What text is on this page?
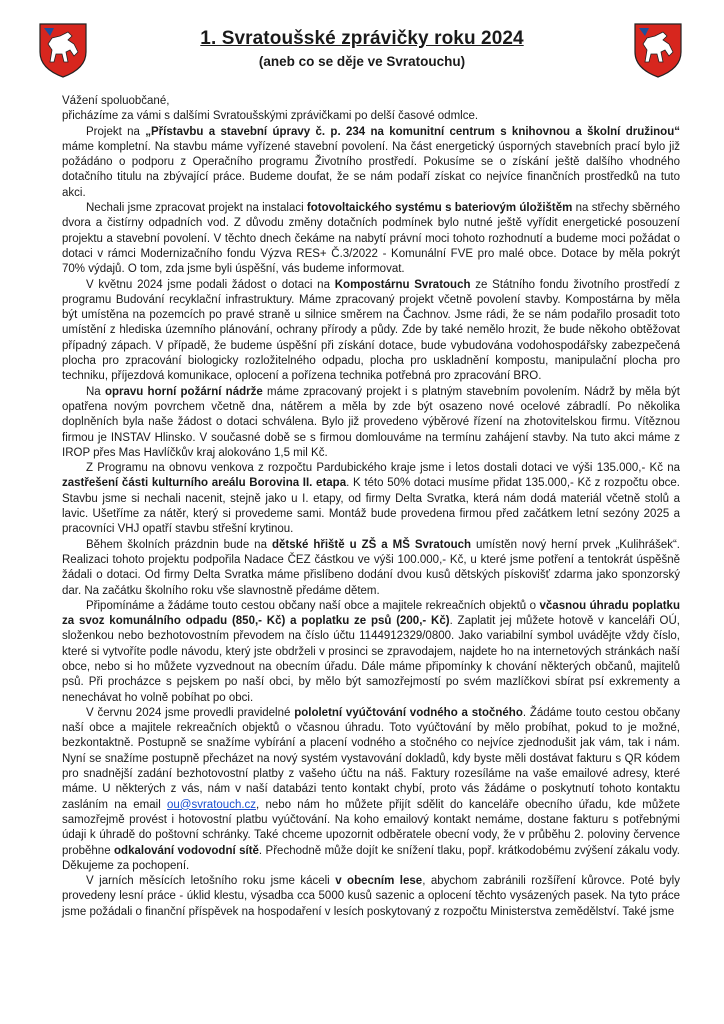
1. Svratoušské zprávičky roku 2024
(aneb co se děje ve Svratouchu)

Vážení spoluobčané,

přicházíme za vámi s dalšími Svratoušskými zprávičkami po delší časové odmlce.

Projekt na „Přístavbu a stavební úpravy č. p. 234 na komunitní centrum s knihovnou a školní družinou“ máme kompletní. Na stavbu máme vyřízené stavební povolení. Na část energetický úsporných stavebních prací bylo již požádáno o podporu z Operačního programu Životního prostředí. Pokusíme se o získání ještě dalšího vhodného dotačního titulu na zbývající práce. Budeme doufat, že se nám podaří získat co nejvíce finančních prostředků na tuto akci.

Nechali jsme zpracovat projekt na instalaci fotovoltaického systému s bateriovým úložištěm na střechy sběrného dvora a čistírny odpadních vod. Z důvodu změny dotačních podmínek bylo nutné ještě vyřídit energetické posouzení projektu a stavební povolení. V těchto dnech čekáme na nabytí právní moci tohoto rozhodnutí a budeme moci požádat o dotaci v rámci Modernizačního fondu Výzva RES+ Č.3/2022 - Komunální FVE pro malé obce. Dotace by měla pokrýt 70% výdajů. O tom, zda jsme byli úspěšní, vás budeme informovat.

V květnu 2024 jsme podali žádost o dotaci na Kompostárnu Svratouch ze Státního fondu životního prostředí z programu Budování recyklační infrastruktury. Máme zpracovaný projekt včetně povolení stavby. Kompostárna by měla být umístěna na pozemcích po pravé straně u silnice směrem na Čachnov. Jsme rádi, že se nám podařilo prosadit toto umístění z hlediska územního plánování, ochrany přírody a půdy. Zde by také nemělo hrozit, že bude někoho obtěžovat případný zápach. V případě, že budeme úspěšní při získání dotace, bude vybudována vodohospodářsky zabezpečená plocha pro zpracování biologicky rozložitelného odpadu, plocha pro uskladnění kompostu, manipulační plocha pro techniku, příjezdová komunikace, oplocení a pořízena technika potřebná pro zpracování BRO.

Na opravu horní požární nádrže máme zpracovaný projekt i s platným stavebním povolením. Nádrž by měla být opatřena novým povrchem včetně dna, nátěrem a měla by zde být osazeno nové ocelové zábradlí. Po několika doplněních byla naše žádost o dotaci schválena. Bylo již provedeno výběrové řízení na zhotovitelskou firmu. Vítěznou firmou je INSTAV Hlinsko. V současné době se s firmou domlouváme na termínu zahájení stavby. Na tuto akci máme z IROP přes Mas Havlíčkův kraj alokováno 1,5 mil Kč.

Z Programu na obnovu venkova z rozpočtu Pardubického kraje jsme i letos dostali dotaci ve výši 135.000,- Kč na zastřešení části kulturního areálu Borovina II. etapa. K této 50% dotaci musíme přidat 135.000,- Kč z rozpočtu obce. Stavbu jsme si nechali nacenit, stejně jako u I. etapy, od firmy Delta Svratka, která nám dodá materiál včetně stolů a lavic. Ušetříme za nátěr, který si provedeme sami. Montáž bude provedena firmou před začátkem letní sezóny 2025 a pracovníci VHJ opatří stavbu střešní krytinou.

Během školních prázdnin bude na dětské hřiště u ZŠ a MŠ Svratouch umístěn nový herní prvek „Kulihrášek“. Realizaci tohoto projektu podpořila Nadace ČEZ částkou ve výši 100.000,- Kč, u které jsme potření a tentokrát úspěšně žádali o dotaci. Od firmy Delta Svratka máme přislíbeno dodání dvou kusů dětských pískovišť zdarma jako sponzorský dar. Na začátku školního roku vše slavnostně předáme dětem.

Připomínáme a žádáme touto cestou občany naší obce a majitele rekreačních objektů o včasnou úhradu poplatku za svoz komunálního odpadu (850,- Kč) a poplatku ze psů (200,- Kč). Zaplatit jej můžete hotově v kanceláři OÚ, složenkou nebo bezhotovostním převodem na číslo účtu 1144912329/0800. Jako variabilní symbol uvádějte vždy číslo, které si vytvoříte podle návodu, který jste obdrželi v prosinci se zpravodajem, najdete ho na internetových stránkách naší obce, nebo si ho můžete vyzvednout na obecním úřadu. Dále máme připomínky k chování některých občanů, majitelů psů. Při procházce s pejskem po naší obci, by mělo být samozřejmostí po svém mazlíčkovi sbírat psí exkrementy a nenechávat ho volně pobíhat po obci.

V červnu 2024 jsme provedli pravidelné pololetní vyúčtování vodného a stočného. Žádáme touto cestou občany naší obce a majitele rekreačních objektů o včasnou úhradu. Toto vyúčtování by mělo probíhat, pokud to je možné, bezkontaktně. Postupně se snažíme vybírání a placení vodného a stočného co nejvíce zjednodušit jak vám, tak i nám. Nyní se snažíme postupně přecházet na nový systém vystavování dokladů, kdy byste měli dostávat fakturu s QR kódem pro snadnější zadání bezhotovostní platby z vašeho účtu na náš. Faktury rozesíláme na vaše emailové adresy, které máme. U některých z vás, nám v naší databázi tento kontakt chybí, proto vás žádáme o poskytnutí tohoto kontaktu zasláním na email ou@svratouch.cz, nebo nám ho můžete přijít sdělit do kanceláře obecního úřadu, kde můžete samozřejmě provést i hotovostní platbu vyúčtování. Na koho emailový kontakt nemáme, dostane fakturu s potřebnými údaji k úhradě do poštovní schránky. Také chceme upozornit odběratele obecní vody, že v průběhu 2. poloviny července proběhne odkalování vodovodní sítě. Přechodně může dojít ke snížení tlaku, popř. krátkodobému zvýšení zákalu vody. Děkujeme za pochopení.

V jarních měsících letošního roku jsme káceli v obecním lese, abychom zabránili rozšíření kůrovce. Poté byly provedeny lesní práce - úklid klestu, výsadba cca 5000 kusů sazenic a oplocení těchto vysázených pasek. Na tyto práce jsme požádali o finanční příspěvek na hospodaření v lesích poskytovaný z rozpočtu Ministerstva zemědělství. Také jsme
